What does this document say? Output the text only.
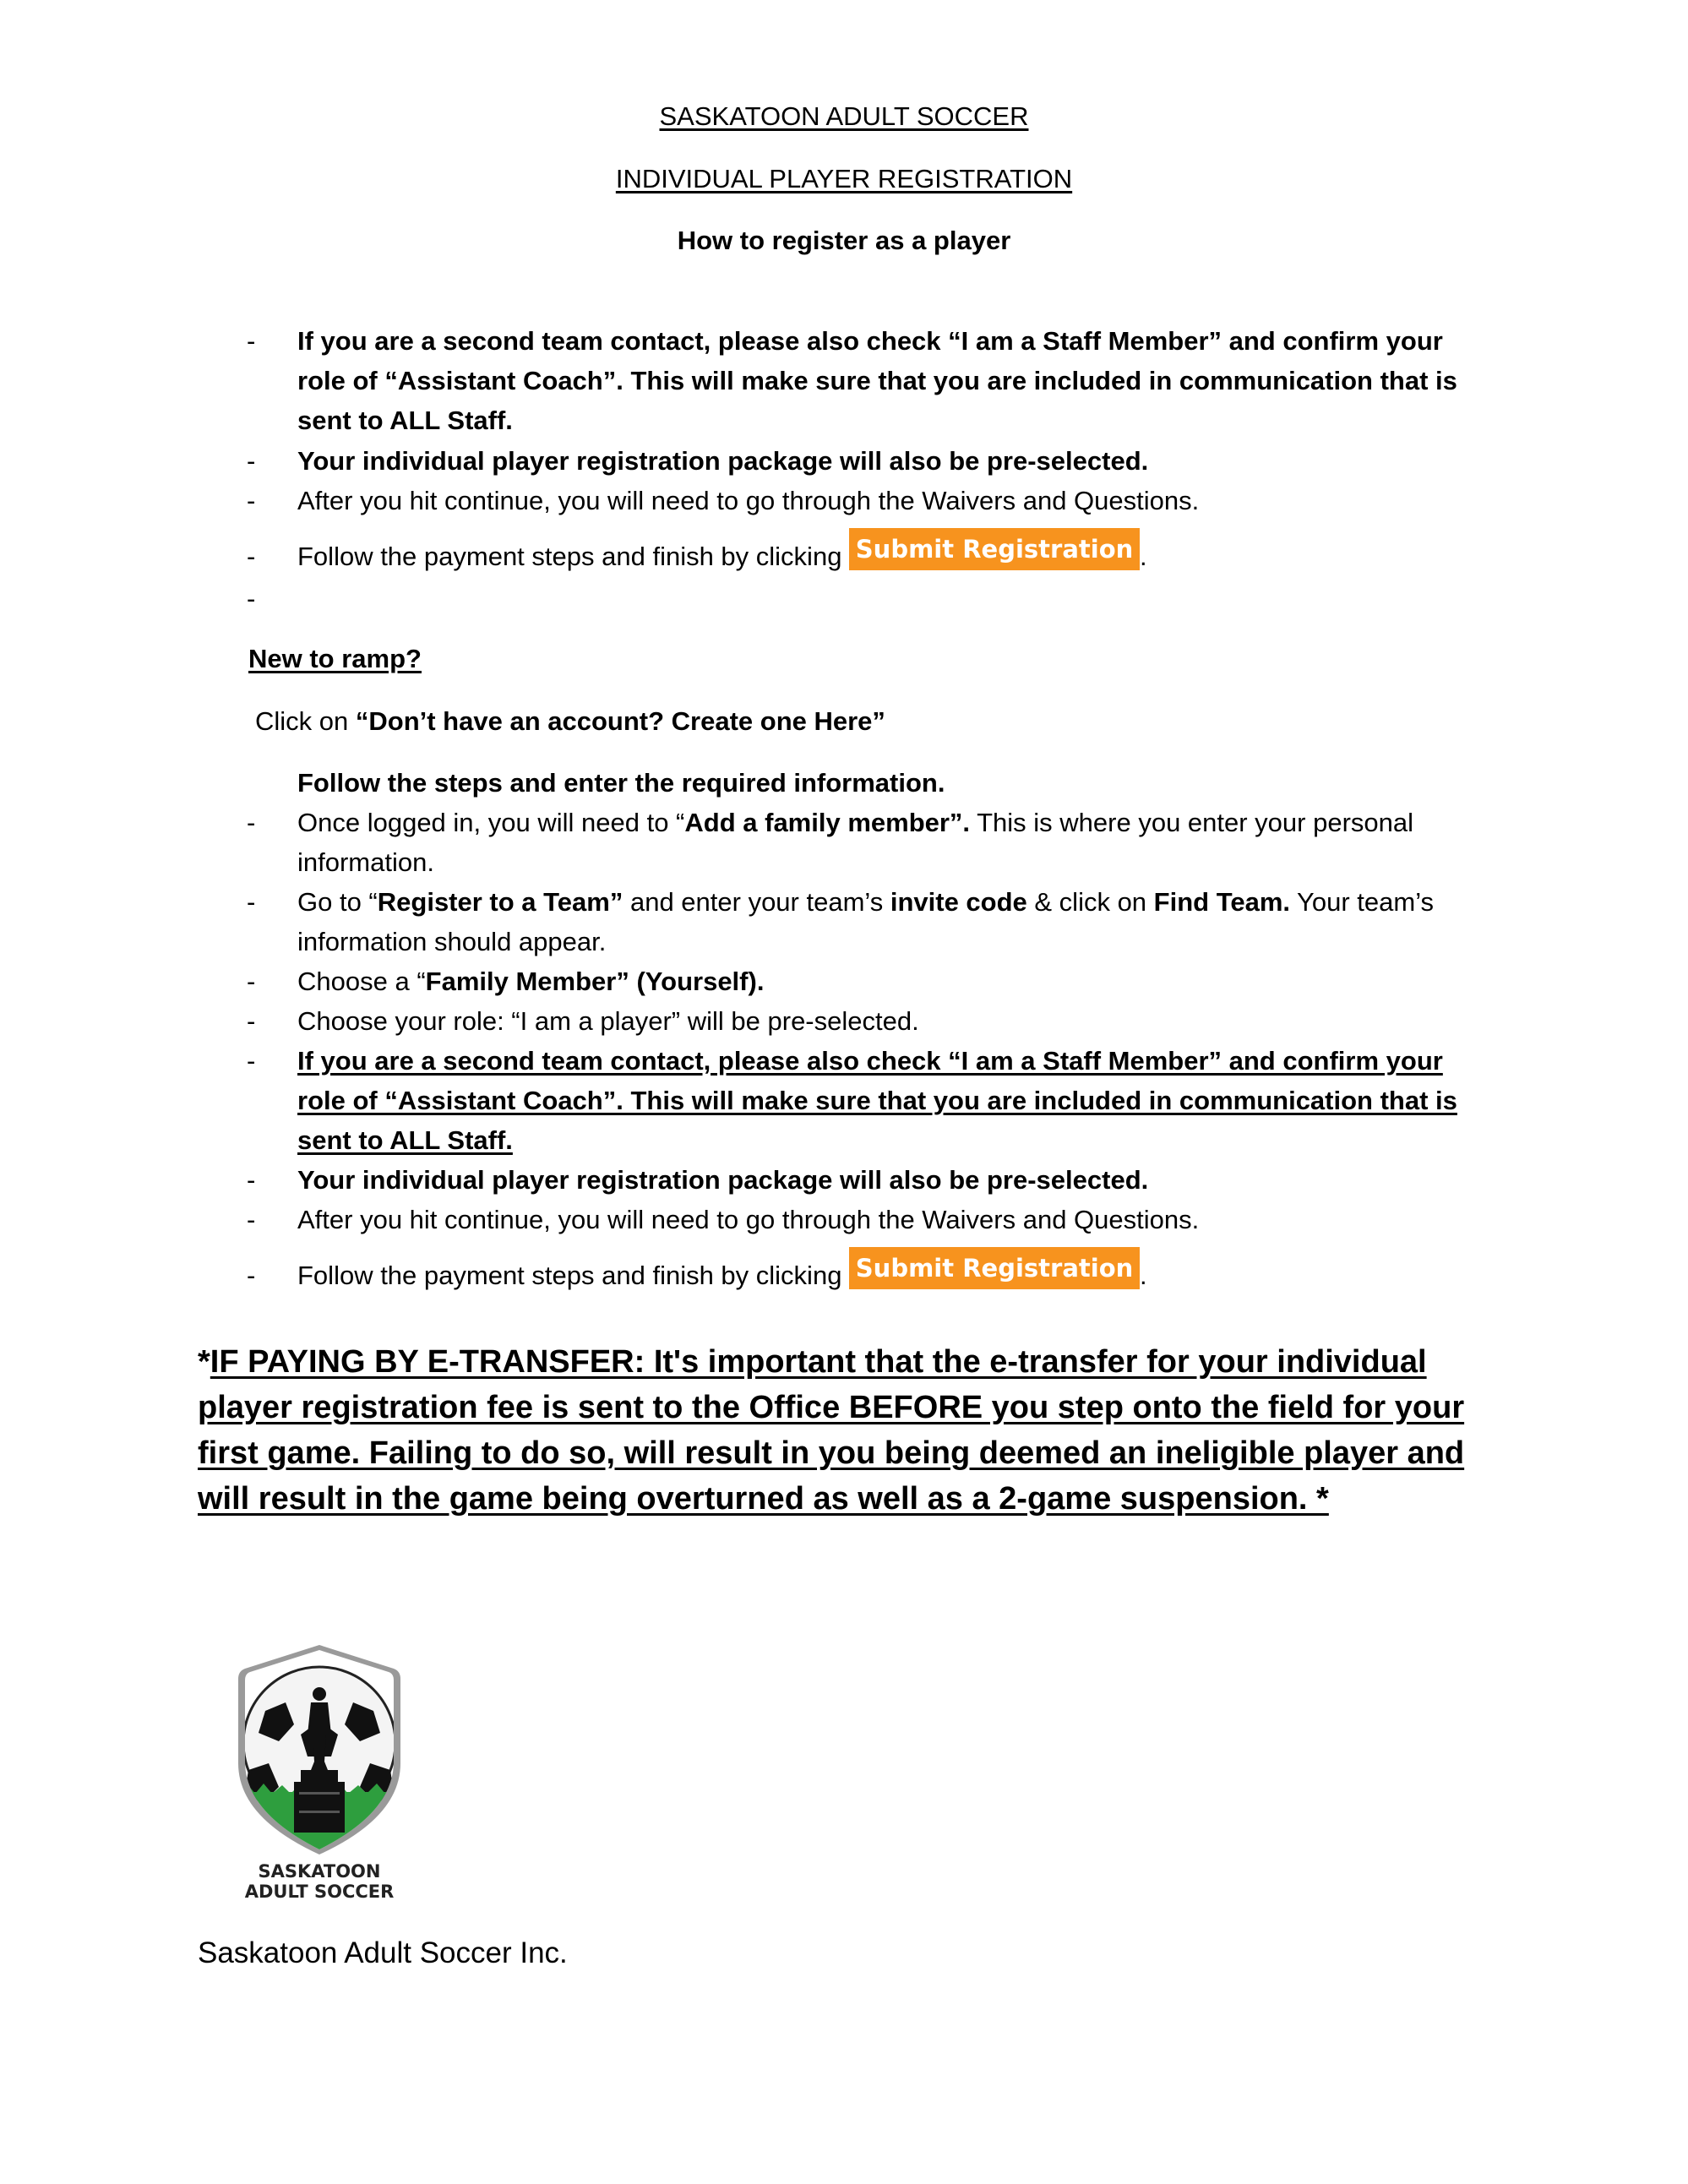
SASKATOON ADULT SOCCER
INDIVIDUAL PLAYER REGISTRATION
How to register as a player
-	If you are a second team contact, please also check “I am a Staff Member” and confirm your role of “Assistant Coach”. This will make sure that you are included in communication that is sent to ALL Staff.
-	Your individual player registration package will also be pre-selected.
-	After you hit continue, you will need to go through the Waivers and Questions.
-	Follow the payment steps and finish by clicking Submit Registration .
-
New to ramp?
Click on “Don’t have an account? Create one Here”
Follow the steps and enter the required information.
-	Once logged in, you will need to “Add a family member”. This is where you enter your personal information.
-	Go to “Register to a Team” and enter your team’s invite code & click on Find Team. Your team’s information should appear.
-	Choose a “Family Member” (Yourself).
-	Choose your role: “I am a player” will be pre-selected.
-	If you are a second team contact, please also check “I am a Staff Member” and confirm your role of “Assistant Coach”. This will make sure that you are included in communication that is sent to ALL Staff.
-	Your individual player registration package will also be pre-selected.
-	After you hit continue, you will need to go through the Waivers and Questions.
-	Follow the payment steps and finish by clicking Submit Registration .
*IF PAYING BY E-TRANSFER: It's important that the e-transfer for your individual player registration fee is sent to the Office BEFORE you step onto the field for your first game. Failing to do so, will result in you being deemed an ineligible player and will result in the game being overturned as well as a 2-game suspension. *
SASKATOON
ADULT SOCCER
Saskatoon Adult Soccer Inc.
